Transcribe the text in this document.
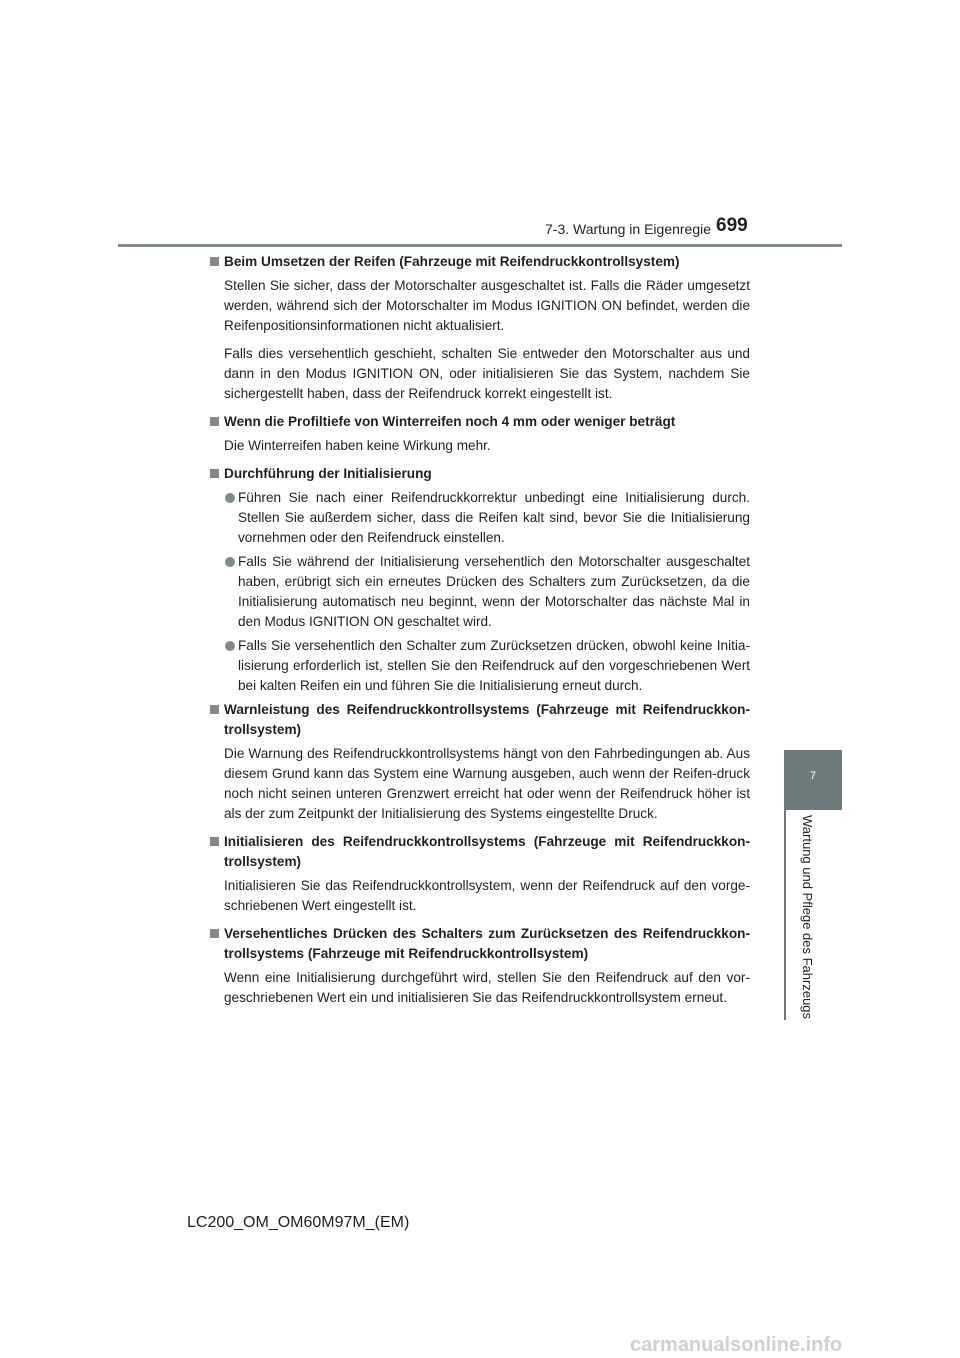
7-3. Wartung in Eigenregie 699
7
Wartung und Pflege des Fahrzeugs
Beim Umsetzen der Reifen (Fahrzeuge mit Reifendruckkontrollsystem)

Stellen Sie sicher, dass der Motorschalter ausgeschaltet ist. Falls die Räder umgesetzt werden, während sich der Motorschalter im Modus IGNITION ON befindet, werden die Reifenpositionsinformationen nicht aktualisiert.

Falls dies versehentlich geschieht, schalten Sie entweder den Motorschalter aus und dann in den Modus IGNITION ON, oder initialisieren Sie das System, nachdem Sie sichergestellt haben, dass der Reifendruck korrekt eingestellt ist.

Wenn die Profiltiefe von Winterreifen noch 4 mm oder weniger beträgt

Die Winterreifen haben keine Wirkung mehr.

Durchführung der Initialisierung
Führen Sie nach einer Reifendruckkorrektur unbedingt eine Initialisierung durch. Stellen Sie außerdem sicher, dass die Reifen kalt sind, bevor Sie die Initialisierung vornehmen oder den Reifendruck einstellen.
Falls Sie während der Initialisierung versehentlich den Motorschalter ausgeschaltet haben, erübrigt sich ein erneutes Drücken des Schalters zum Zurücksetzen, da die Initialisierung automatisch neu beginnt, wenn der Motorschalter das nächste Mal in den Modus IGNITION ON geschaltet wird.
Falls Sie versehentlich den Schalter zum Zurücksetzen drücken, obwohl keine Initia-lisierung erforderlich ist, stellen Sie den Reifendruck auf den vorgeschriebenen Wert bei kalten Reifen ein und führen Sie die Initialisierung erneut durch.
Warnleistung des Reifendruckkontrollsystems (Fahrzeuge mit Reifendruckkon-trollsystem)

Die Warnung des Reifendruckkontrollsystems hängt von den Fahrbedingungen ab. Aus diesem Grund kann das System eine Warnung ausgeben, auch wenn der Reifen-druck noch nicht seinen unteren Grenzwert erreicht hat oder wenn der Reifendruck höher ist als der zum Zeitpunkt der Initialisierung des Systems eingestellte Druck.

Initialisieren des Reifendruckkontrollsystems (Fahrzeuge mit Reifendruckkon-trollsystem)

Initialisieren Sie das Reifendruckkontrollsystem, wenn der Reifendruck auf den vorge-schriebenen Wert eingestellt ist.

Versehentliches Drücken des Schalters zum Zurücksetzen des Reifendruckkon-trollsystems (Fahrzeuge mit Reifendruckkontrollsystem)

Wenn eine Initialisierung durchgeführt wird, stellen Sie den Reifendruck auf den vor-geschriebenen Wert ein und initialisieren Sie das Reifendruckkontrollsystem erneut.

LC200_OM_OM60M97M_(EM)
carmanualsonline.info
